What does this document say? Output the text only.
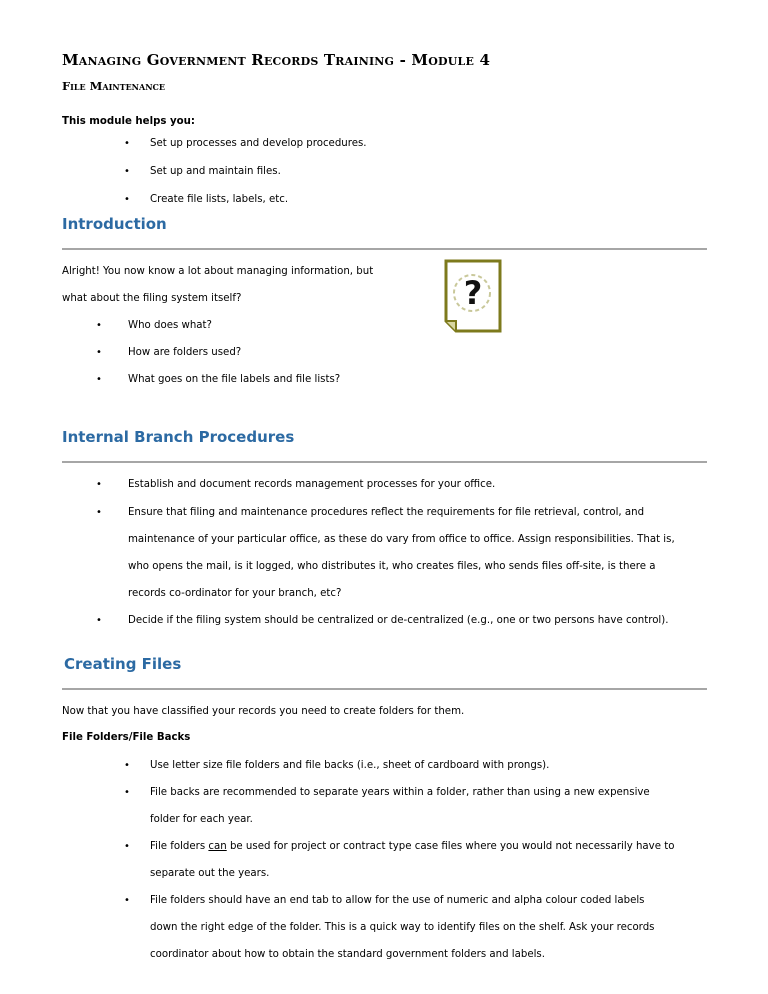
Managing Government Records Training - Module 4
File Maintenance
This module helps you:
• Set up processes and develop procedures.
• Set up and maintain files.
• Create file lists, labels, etc.
Introduction
Alright! You now know a lot about managing information, but
what about the filing system itself?
•	Who does what?
•	How are folders used?
•	What goes on the file labels and file lists?
?
Internal Branch Procedures
•	Establish and document records management processes for your office.
•	Ensure that filing and maintenance procedures reflect the requirements for file retrieval, control, and
maintenance of your particular office, as these do vary from office to office. Assign responsibilities. That is,
who opens the mail, is it logged, who distributes it, who creates files, who sends files off-site, is there a
records co-ordinator for your branch, etc?
•	Decide if the filing system should be centralized or de-centralized (e.g., one or two persons have control).
Creating Files
Now that you have classified your records you need to create folders for them.
File Folders/File Backs
• Use letter size file folders and file backs (i.e., sheet of cardboard with prongs).
• File backs are recommended to separate years within a folder, rather than using a new expensive
folder for each year.
• File folders can be used for project or contract type case files where you would not necessarily have to
separate out the years.
• File folders should have an end tab to allow for the use of numeric and alpha colour coded labels
down the right edge of the folder. This is a quick way to identify files on the shelf. Ask your records
coordinator about how to obtain the standard government folders and labels.
